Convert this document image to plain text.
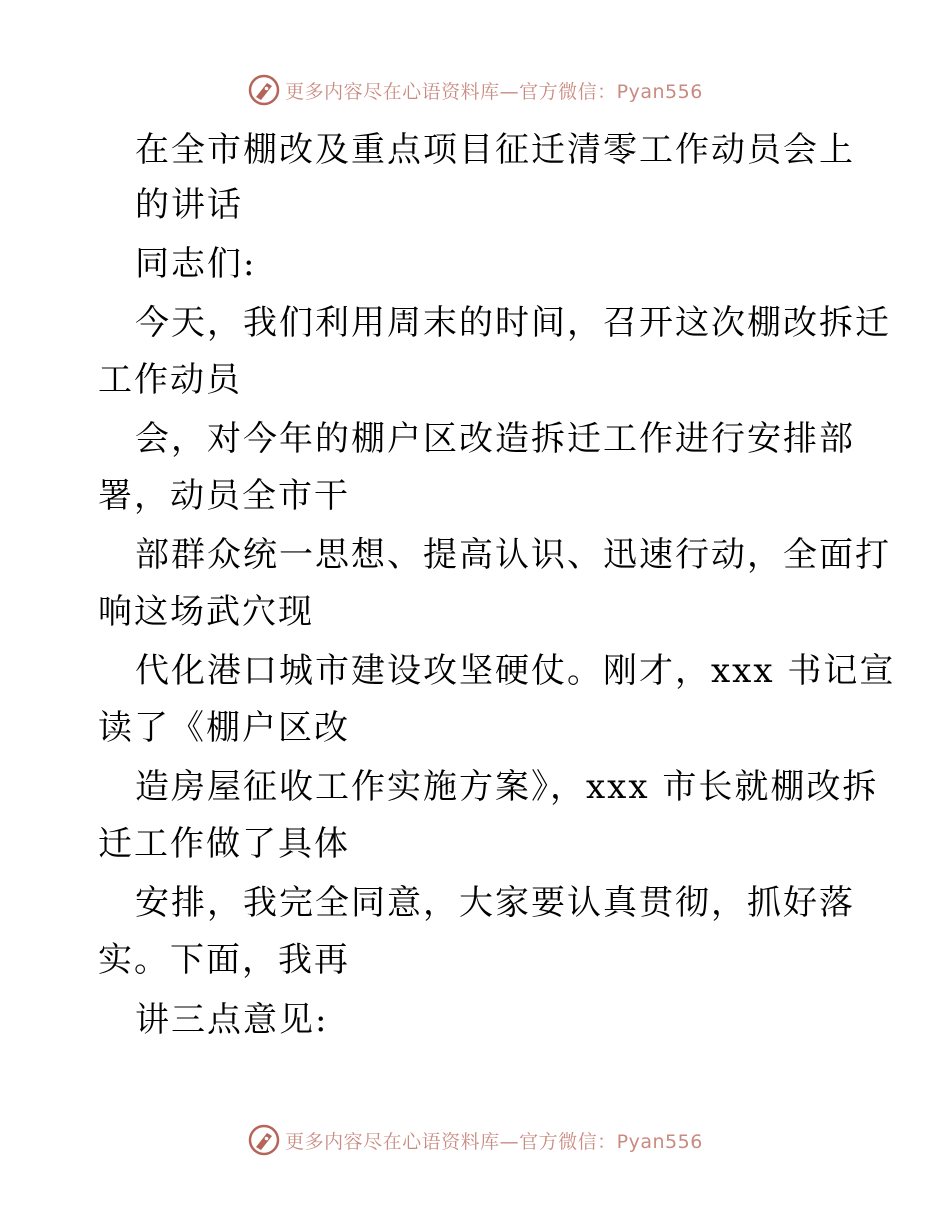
更多内容尽在心语资料库—官方微信：Pyan556
在全市棚改及重点项目征迁清零工作动员会上
的讲话
同志们:
今天，我们利用周末的时间，召开这次棚改拆迁
工作动员
会，对今年的棚户区改造拆迁工作进行安排部
署，动员全市干
部群众统一思想、提高认识、迅速行动，全面打
响这场武穴现
代化港口城市建设攻坚硬仗。刚才，xxx 书记宣
读了《棚户区改
造房屋征收工作实施方案》，xxx 市长就棚改拆
迁工作做了具体
安排，我完全同意，大家要认真贯彻，抓好落
实。下面，我再
讲三点意见:
更多内容尽在心语资料库—官方微信：Pyan556
